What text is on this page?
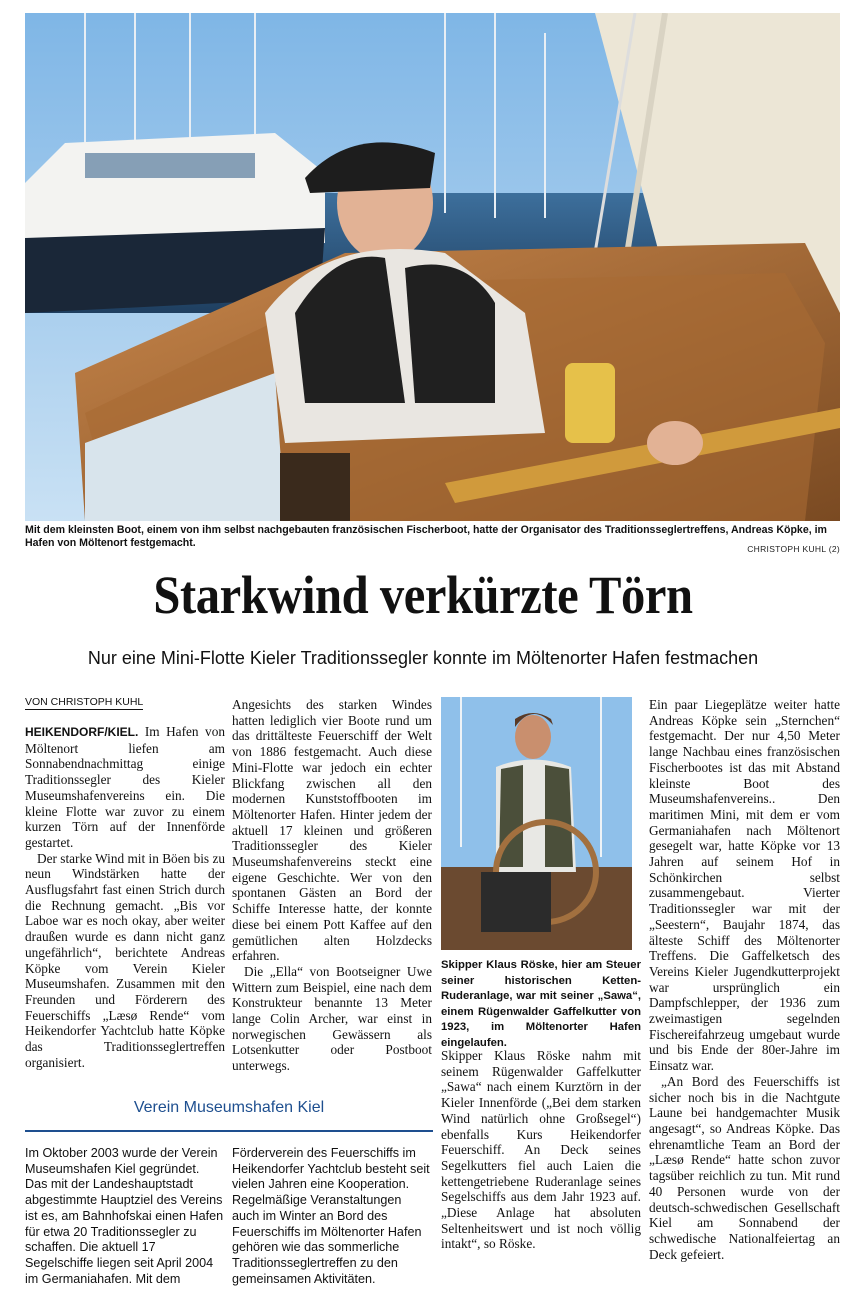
Mit dem kleinsten Boot, einem von ihm selbst nachgebauten französischen Fischerboot, hatte der Organisator des Traditionsseglertreffens, Andreas Köpke, im Hafen von Möltenort festgemacht.	CHRISTOPH KUHL (2)
Starkwind verkürzte Törn
Nur eine Mini-Flotte Kieler Traditionssegler konnte im Möltenorter Hafen festmachen
VON CHRISTOPH KUHL

HEIKENDORF/KIEL. Im Hafen von Möltenort liefen am Sonnabendnachmittag einige Traditionssegler des Kieler Museumshafenvereins ein. Die kleine Flotte war zuvor zu einem kurzen Törn auf der Innenförde gestartet.

Der starke Wind mit in Böen bis zu neun Windstärken hatte der Ausflugsfahrt fast einen Strich durch die Rechnung gemacht. „Bis vor Laboe war es noch okay, aber weiter draußen wurde es dann nicht ganz ungefährlich“, berichtete Andreas Köpke vom Verein Kieler Museumshafen. Zusammen mit den Freunden und Förderern des Feuerschiffs „Læsø Rende“ vom Heikendorfer Yachtclub hatte Köpke das Traditionsseglertreffen organisiert.

Angesichts des starken Windes hatten lediglich vier Boote rund um das drittälteste Feuerschiff der Welt von 1886 festgemacht. Auch diese Mini-Flotte war jedoch ein echter Blickfang zwischen all den modernen Kunststoffbooten im Möltenorter Hafen. Hinter jedem der aktuell 17 kleinen und größeren Traditionssegler des Kieler Museumshafenvereins steckt eine eigene Geschichte. Wer von den spontanen Gästen an Bord der Schiffe Interesse hatte, der konnte diese bei einem Pott Kaffee auf den gemütlichen alten Holzdecks erfahren.

Die „Ella“ von Bootseigner Uwe Wittern zum Beispiel, eine nach dem Konstrukteur benannte 13 Meter lange Colin Archer, war einst in norwegischen Gewässern als Lotsenkutter oder Postboot unterwegs.

Skipper Klaus Röske, hier am Steuer seiner historischen Ketten-Ruderanlage, war mit seiner „Sawa“, einem Rügenwalder Gaffelkutter von 1923, im Möltenorter Hafen eingelaufen.

Skipper Klaus Röske nahm mit seinem Rügenwalder Gaffelkutter „Sawa“ nach einem Kurztörn in der Kieler Innenförde („Bei dem starken Wind natürlich ohne Großsegel“) ebenfalls Kurs Heikendorfer Feuerschiff. An Deck seines Segelkutters fiel auch Laien die kettengetriebene Ruderanlage seines Segelschiffs aus dem Jahr 1923 auf. „Diese Anlage hat absoluten Seltenheitswert und ist noch völlig intakt“, so Röske.

Ein paar Liegeplätze weiter hatte Andreas Köpke sein „Sternchen“ festgemacht. Der nur 4,50 Meter lange Nachbau eines französischen Fischerbootes ist das mit Abstand kleinste Boot des Museumshafenvereins.. Den maritimen Mini, mit dem er vom Germaniahafen nach Möltenort gesegelt war, hatte Köpke vor 13 Jahren auf seinem Hof in Schönkirchen selbst zusammengebaut. Vierter Traditionssegler war mit der „Seestern“, Baujahr 1874, das älteste Schiff des Möltenorter Treffens. Die Gaffelketsch des Vereins Kieler Jugendkutterprojekt war ursprünglich ein Dampfschlepper, der 1936 zum zweimastigen segelnden Fischereifahrzeug umgebaut wurde und bis Ende der 80er-Jahre im Einsatz war.

„An Bord des Feuerschiffs ist sicher noch bis in die Nachtgute Laune bei handgemachter Musik angesagt“, so Andreas Köpke. Das ehrenamtliche Team an Bord der „Læsø Rende“ hatte schon zuvor tagsüber reichlich zu tun. Mit rund 40 Personen wurde von der deutsch-schwedischen Gesellschaft Kiel am Sonnabend der schwedische Nationalfeiertag an Deck gefeiert.

Verein Museumshafen Kiel
Im Oktober 2003 wurde der Verein Museumshafen Kiel gegründet. Das mit der Landeshauptstadt abgestimmte Hauptziel des Vereins ist es, am Bahnhofskai einen Hafen für etwa 20 Traditionssegler zu schaffen. Die aktuell 17 Segelschiffe liegen seit April 2004 im Germaniahafen. Mit dem
Förderverein des Feuerschiffs im Heikendorfer Yachtclub besteht seit vielen Jahren eine Kooperation. Regelmäßige Veranstaltungen auch im Winter an Bord des Feuerschiffs im Möltenorter Hafen gehören wie das sommerliche Traditionsseglertreffen zu den gemeinsamen Aktivitäten.
